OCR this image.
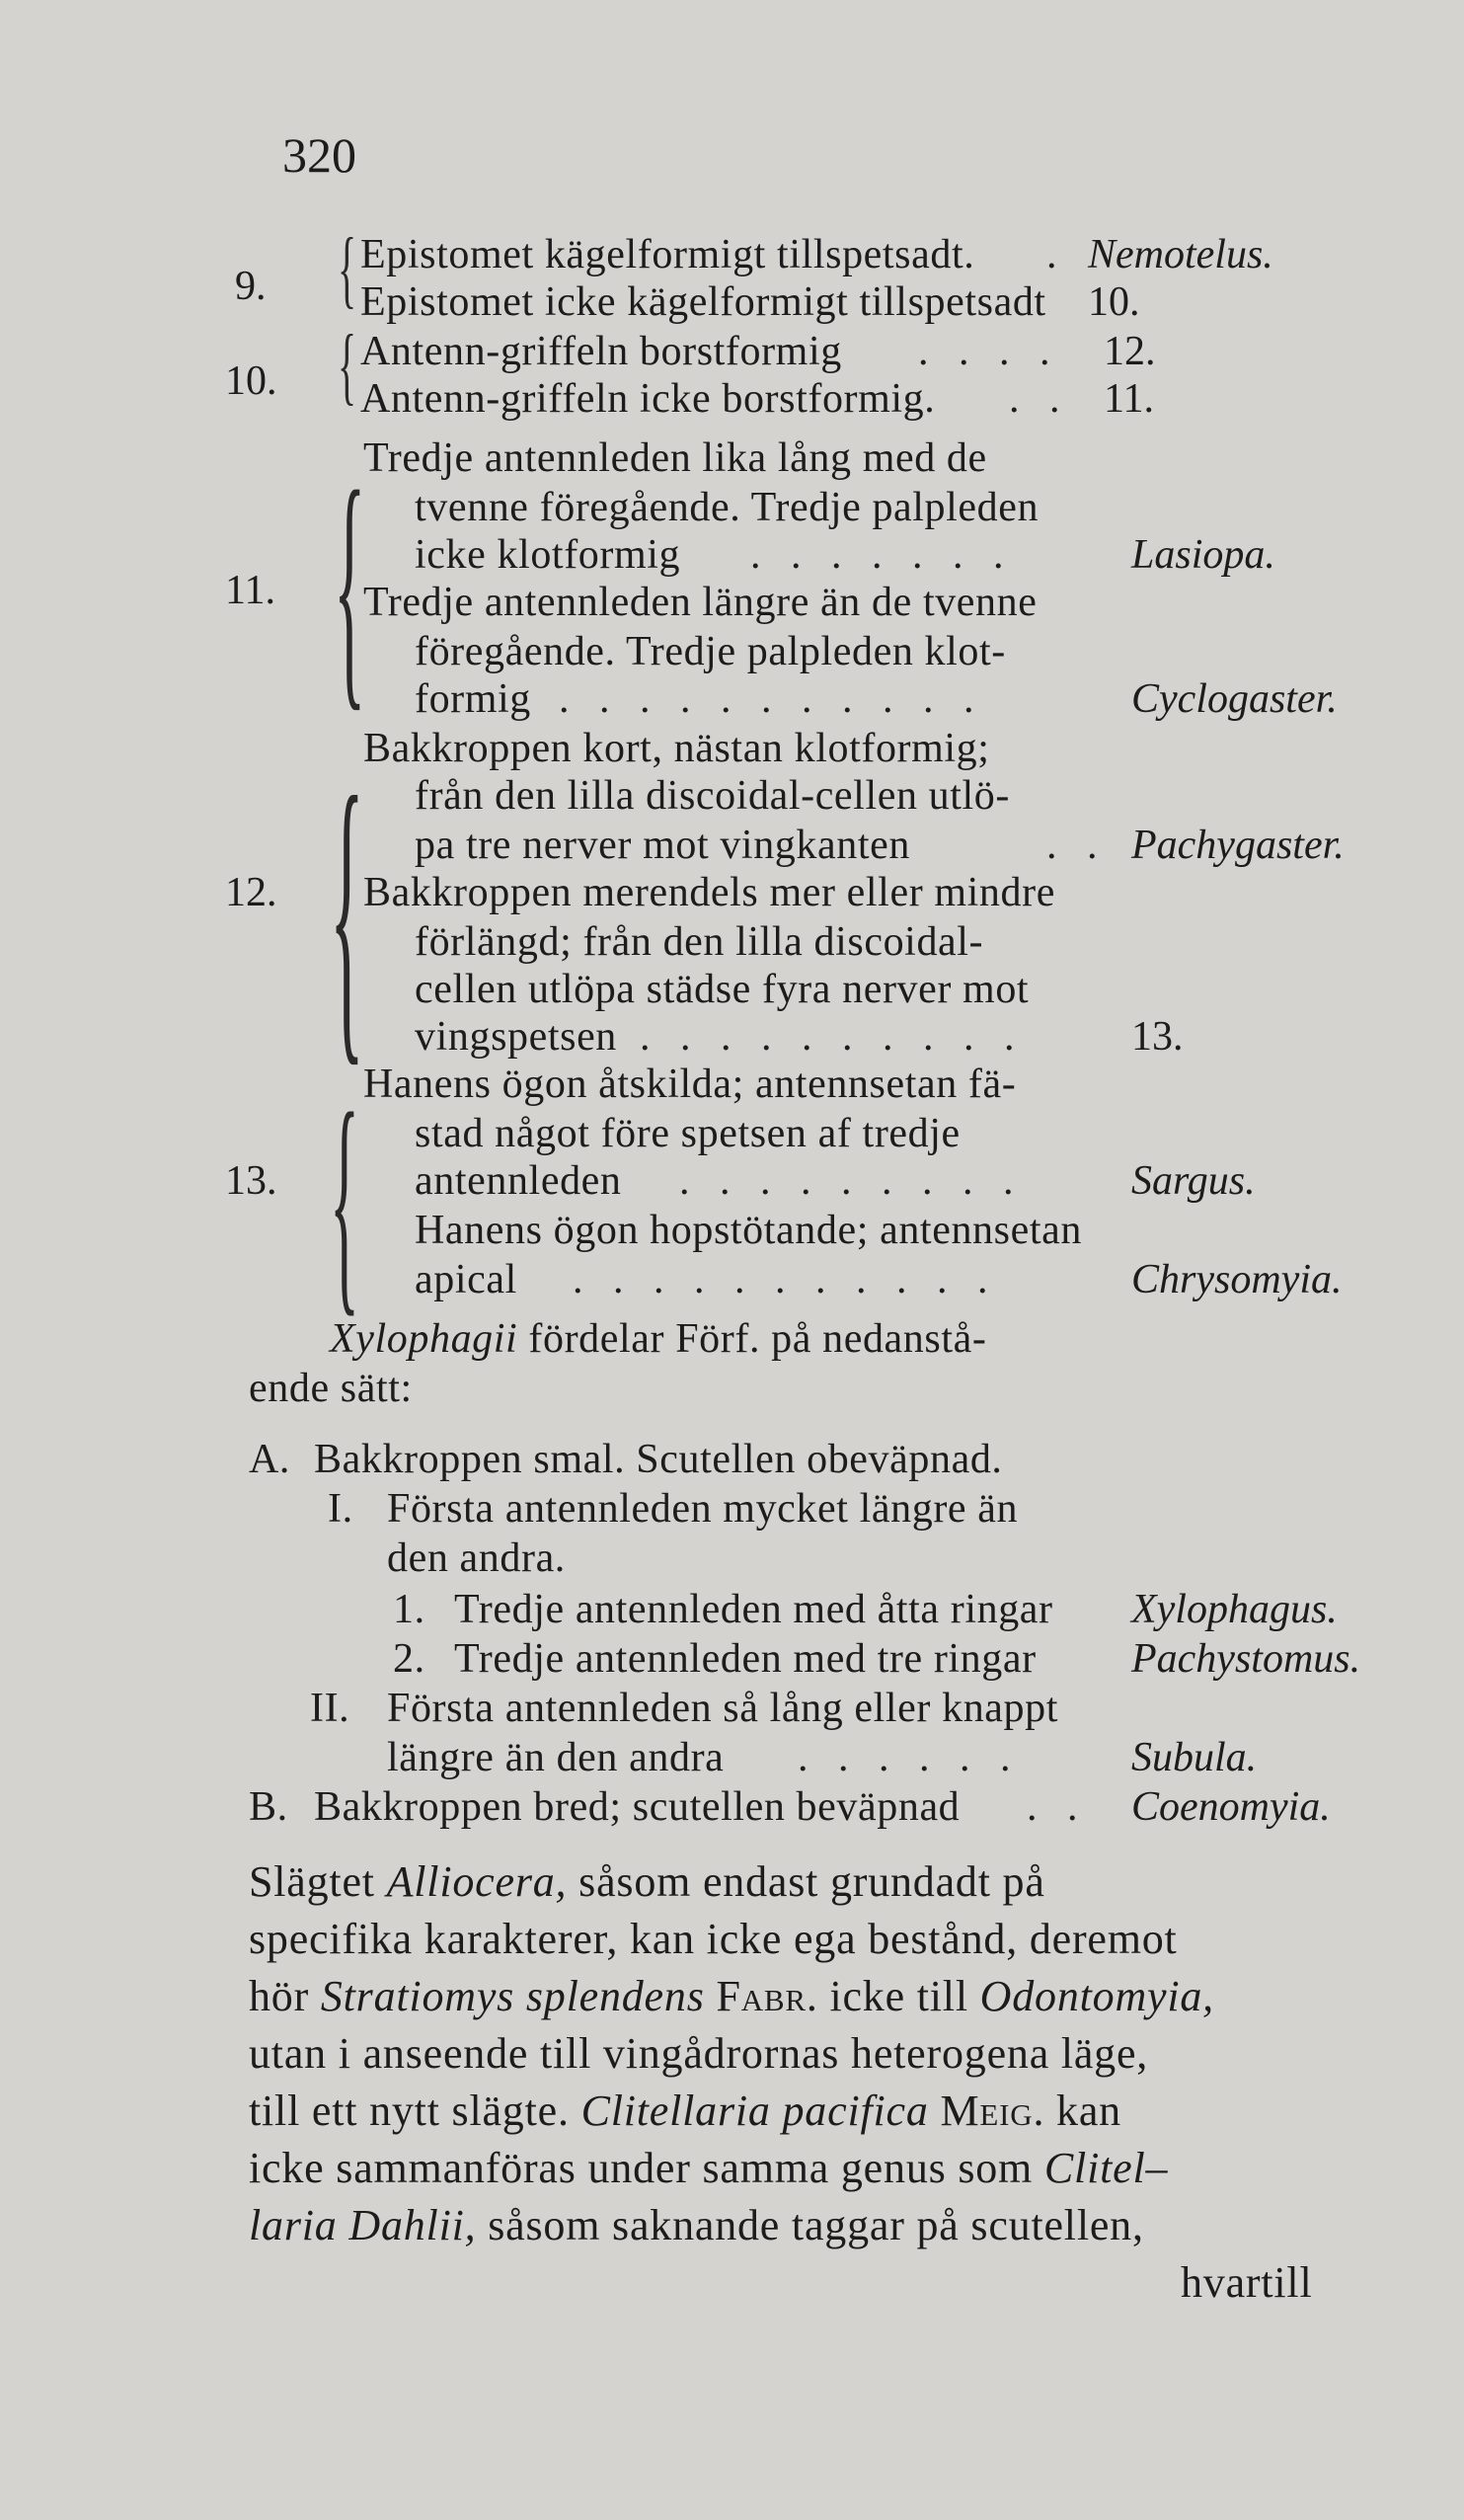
320
9. { Epistomet kägelformigt tillspetsadt. . Nemotelus.
Epistomet icke kägelformigt tillspetsadt 10.
10. { Antenn-griffeln borstformig . . . . 12.
Antenn-griffeln icke borstformig. . . 11.
11. {
Tredje antennleden lika lång med de
tvenne föregående. Tredje palpleden
icke klotformig . . . . . . .	Lasiopa.
Tredje antennleden längre än de tvenne
föregående. Tredje palpleden klot-
formig . . . . . . . . . . .	Cyclogaster.
12. { Bakkroppen kort, nästan klotformig;
från den lilla discoidal-cellen utlö-
pa tre nerver mot vingkanten	. . Pachygaster.
Bakkroppen merendels mer eller mindre
förlängd; från den lilla discoidal-
cellen utlöpa städse fyra nerver mot
vingspetsen . . . . . . . . . .	13.
13. { Hanens ögon åtskilda; antennsetan fä-
stad något före spetsen af tredje
antennleden . . . . . . . . .	Sargus.
Hanens ögon hopstötande; antennsetan
apical . . . . . . . . . . .	Chrysomyia.
Xylophagii fördelar Förf. på nedanstå-
ende sätt:
A. Bakkroppen smal. Scutellen obeväpnad.
I. Första antennleden mycket längre än
den andra.
1. Tredje antennleden med åtta ringar Xylophagus.
2. Tredje antennleden med tre ringar Pachystomus.
II. Första antennleden så lång eller knappt
längre än den andra . . . . . .	Subula.
B. Bakkroppen bred; scutellen beväpnad . . Coenomyia.
Slägtet Alliocera, såsom endast grundadt på
specifika karakterer, kan icke ega bestånd, deremot
hör Stratiomys splendens Fabr. icke till Odontomyia,
utan i anseende till vingådrornas heterogena läge,
till ett nytt slägte. Clitellaria pacifica Meig. kan
icke sammanföras under samma genus som Clitel–
laria Dahlii, såsom saknande taggar på scutellen,
hvartill
